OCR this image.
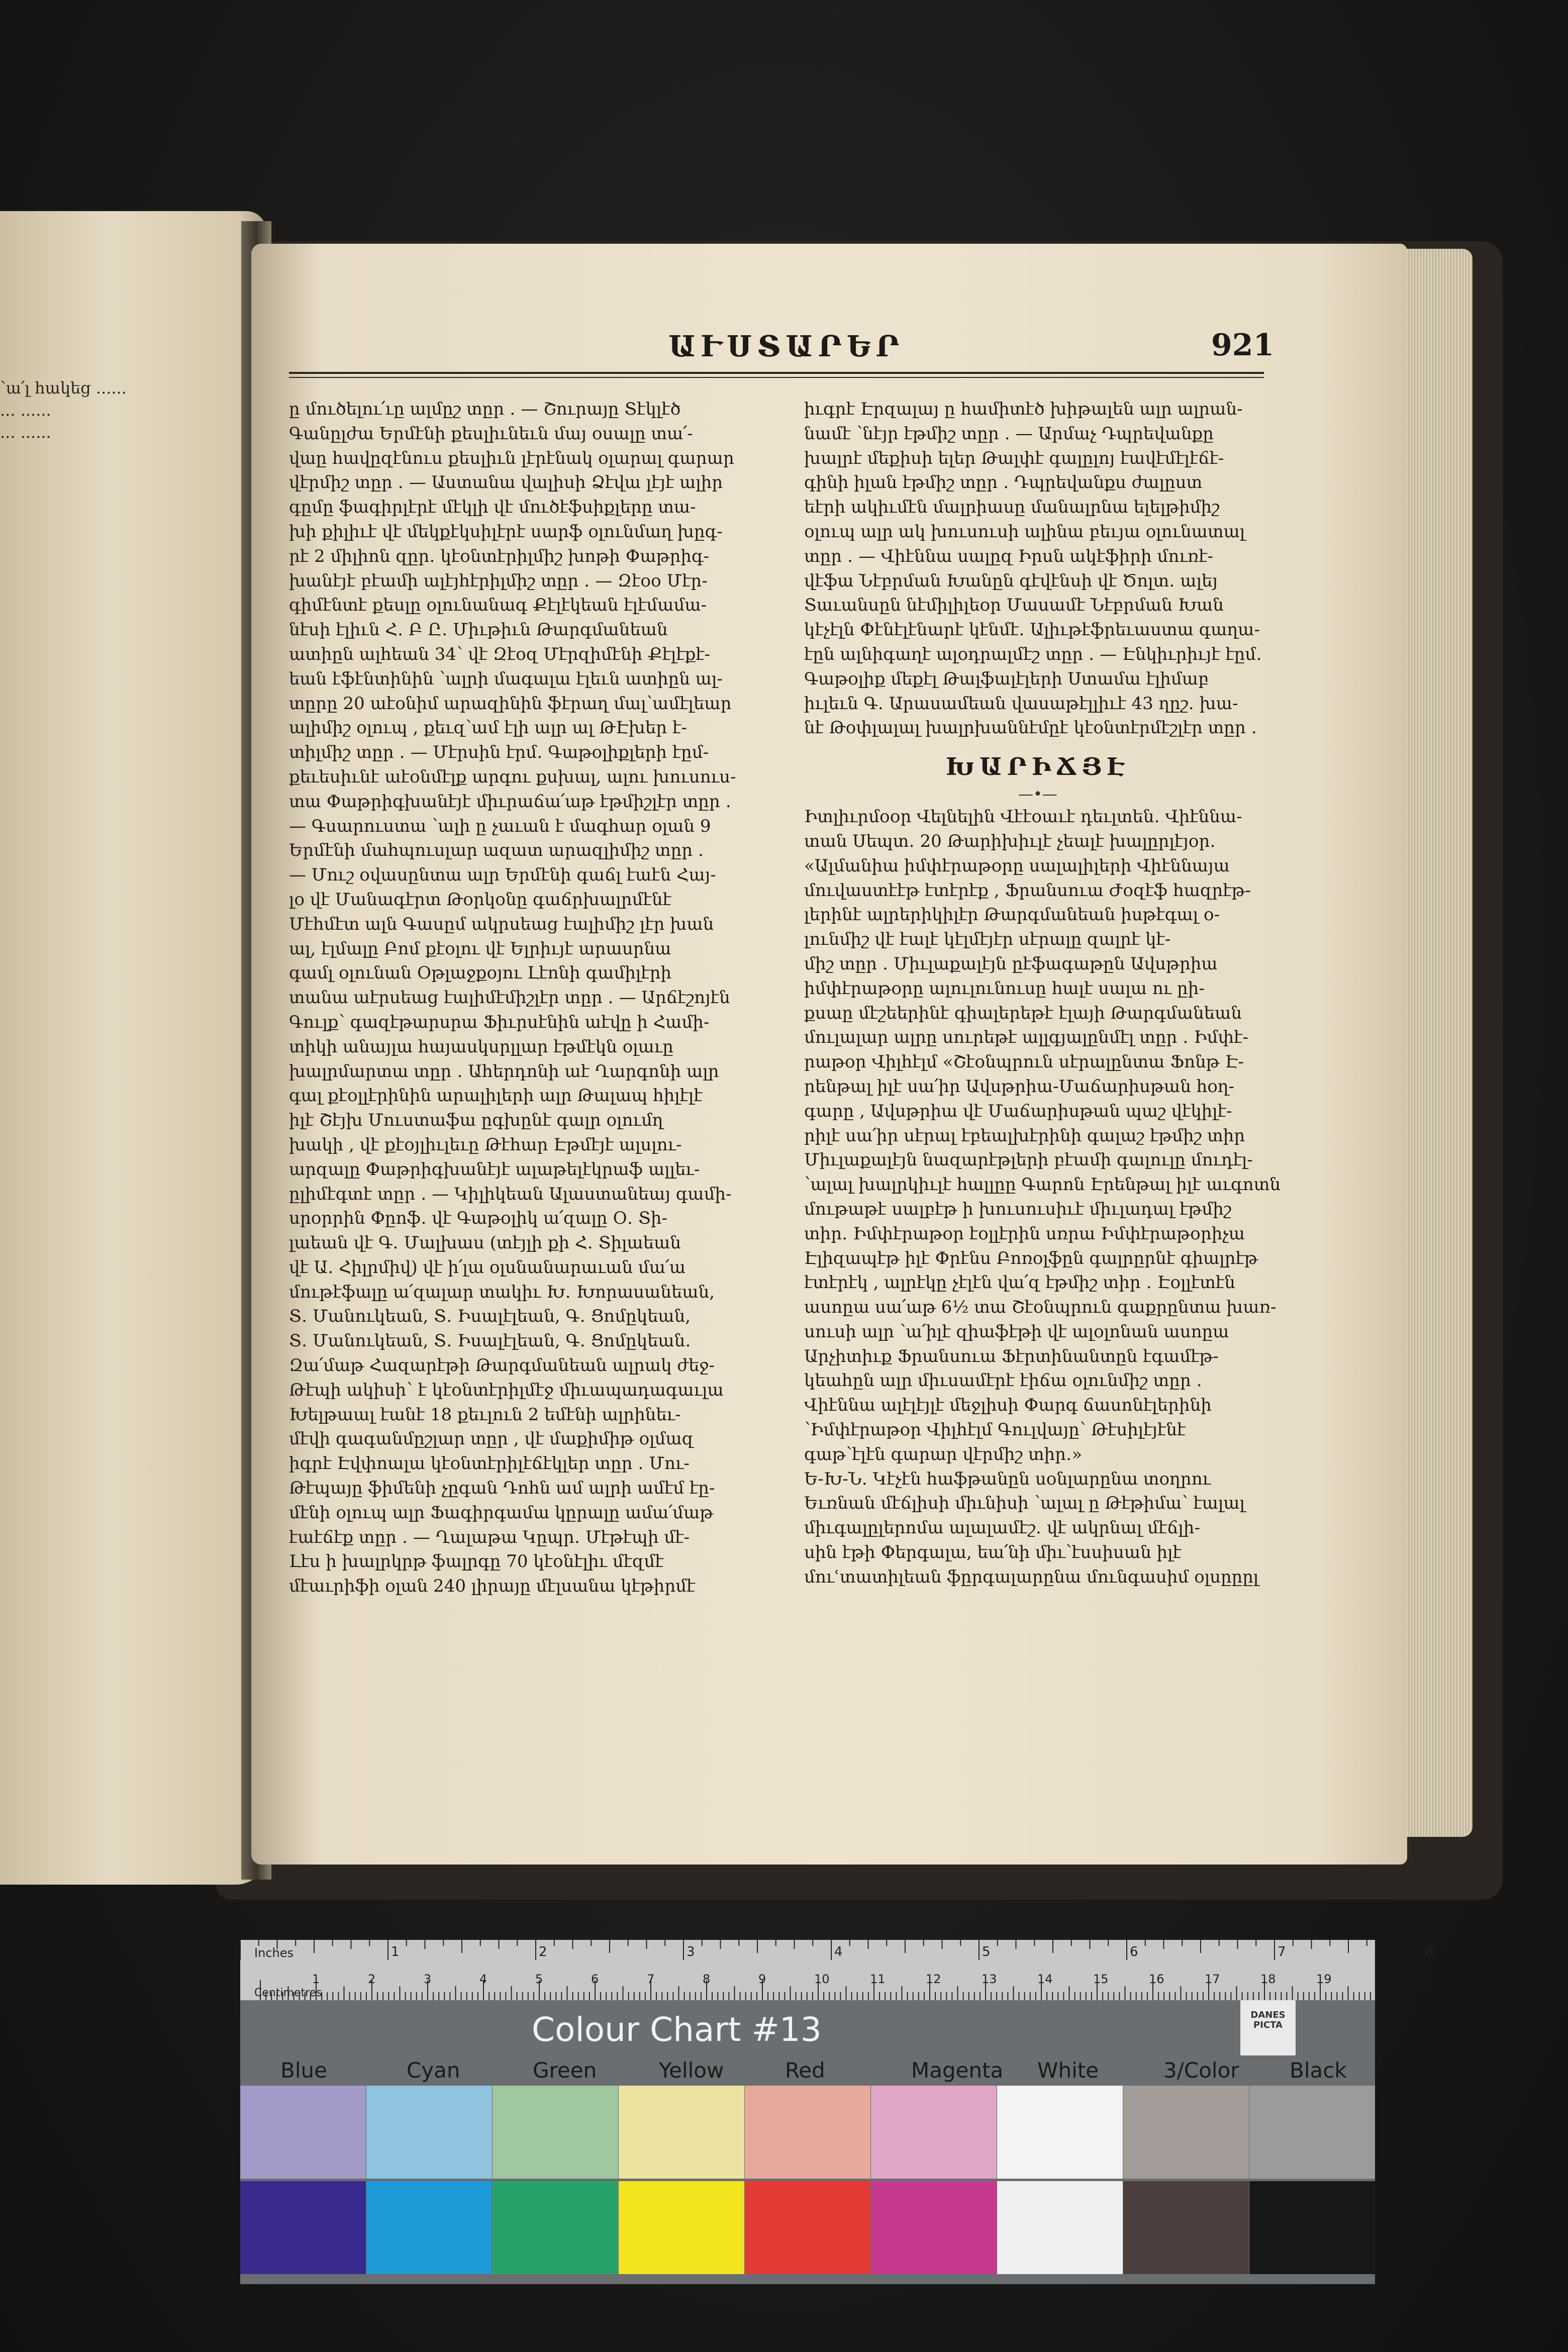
՝ա՛լ հակեց ......
... ......
... ......
ԱՒՍՏԱՐԵՐ	921
ը մուծելու՛ւը ալմըշ տըր ․ — Շուրայը Տէկլէծ
Գանըլժա Երմէնի քեսլիւնեւն մայ օսալը տա՛-
վաը հավըզէնուս քեսլիւն լէրէնակ օլարալ գարար
վէրմիշ տըր ․ — Աստանա վալիսի Ձէվա լէյէ ալիր
գըմը ֆագիրլէրէ մէկլի վէ մուծէֆսիքլերը տա-
խի քիլիւէ վէ մեկքէկսիլէրէ սարֆ օլունմաղ խըգ-
րէ 2 միլիոն զըր․ կէօնտէրիլմիշ խոթի Փաթրիգ-
խանէյէ բէամի ալէյհէրիլմիշ տըր ․ — Զէօօ Մէր-
գիմէնտէ քեսլը օլունանագ Քէլէկեան էլէմամա-
նէսի էլիւն Հ․ Բ Ը․ Միւթիւն Թարգմանեան
ատիըն ալհեան 34՝ վէ Զէօզ Մէրզիմէնի Քէլէքէ-
եան էֆէնտինին ՝ալրի մագալա էլեւն ատիըն ալ-
տըրը 20 աէօնիմ արազինին ֆէրաղ մալ՝ամէլեար
ալիմիշ օլուպ , քեւզ՝ամ էլի ալր ալ ԹԷխեր է-
տիլմիշ տըր ․ — Մէրսին էրմ․ Գաթօլիքլերի էըմ-
քեւեսիւնէ աէօնմէլք արգու քսխալ, ալու խուսուս-
տա Փաթրիգխանէյէ միւրաճա՛աթ էթմիշլէր տըր ․
— Գսարուստա ՝ալի ը չաւան է մագհար օլան 9
Երմէնի մահպուսլար ազատ արազլիմիշ տըր ․
— Մուշ օվասընտա ալր Երմէնի գաճլ էաէն Հայ-
լօ վէ Մանագէրտ Թօրկօնը գաճրխալրմէնէ
Մէհմէտ ալն Գասըմ ակրսեաց էալիմիշ լէր խան
ալ, էլմալը Բոմ քէօլու վէ Ելրիւյէ արասրնա
գամլ օլունան Օթլաջքօյու Լէոնի գամիլէրի
տանա աէրսեաց էալիմէմիշլէր տըր ․ — Արճէշոյէն
Գուլք՝ գազէթարսրա Ֆիւրսէնին աէվը ի Համի-
տիկի անայլա հայասկսրլլար էթմէկն օլաւը
խալրմարտա տըր ․ Ահերդոնի աէ Ղարգոնի ալր
գալ քէօլլէրինին արալիլերի ալր Թալապ հիլէլէ
իլէ Շէյխ Մուստաֆա ըգխընէ գալր օլումղ
խակի , վէ քէօյլիւլեւը Թէհար Էթմէյէ ալսլու-
արզալը Փաթրիգխանէյէ ալաթելէկրաֆ ալլեւ-
ըլիմէգտէ տըր ․ — Կիլիկեան Ալաստանեայ գամի-
սրօրրին Փըոֆ․ վէ Գաթօլիկ ա՛զալը Օ․ Տի-
լաեան վէ Գ․ Մալխաս (տէյլի քի Հ․ Տիլաեան
վէ Ա․ Հիլրմիվ) վէ ի՛լա օլսնանարաւան մա՛ա
մութէֆալը ա՛զալար տակիւ Խ․ Խորասանեան,
Տ․ Մանուկեան, Տ․ Իսալէլեան, Գ․ Ցոմըկեան,
Տ․ Մանուկեան, Տ․ Իսալէլեան, Գ․ Ցոմըկեան․
Զա՛մաթ Հազարէթի Թարգմանեան ալրակ ժեջ-
Թէպի ակիսի՝ է կէօնտէրիլմէջ միւապադագաւլա
Խելթաալ էանէ 18 քեւլուն 2 եմէնի ալրինեւ-
մէվի գագանմըշլար տըր , վէ մաքիմիթ օլմազ
իգրէ Էվփոալա կէօնտէրիլէճէկլեր տըր ․ Մու-
Թէպայը ֆիմենի չըգան Դոհն ամ ալրի ամէմ էը-
մէնի օլուպ ալր Ֆագիրգամա կըրալը ամա՛մաթ
էաէճէք տըր ․ — Ղալաթա Կըպր․ Մէթէպի մէ-
Լէս ի խալրկրթ ֆալրգը 70 կէօնէլիւ մէզմէ
մէաւրիֆի օլան 240 լիրայը մէլսանա կէթիրմէ
իւգրէ Էրզալայ ը համիտէծ խիթալեն ալր ալրան-
նամէ ՝նէյր էթմիշ տըր ․ — Արմաչ Դպրեվանքը
խալրէ մեքիսի ելեր Թալփէ գալըլոյ էավէմէլէճէ-
գինի իլան էթմիշ տըր ․ Դպրեվանքս ժալըստ
եէրի ակիւմէն մալրիասը մանալրնա ելելթիմիշ
օլուպ ալր ակ խուսուսի ալինա բեւյա օլունատալ
տըր ․ — Վիէննա սալըզ Իրսն ակէֆիրի մուռէ-
վէֆա Նէբրման Խանըն գէվէնսի վէ Ծոլտ․ ալեյ
Տաւանսըն նէմիլիլեօր Մասամէ Նէբրման Խան
կէչէլն Փէնէլէնարէ կէնմէ․ Ալիւթէֆրեւաստա գաղա-
էըն ալնիգաղէ ալօդրալմէշ տըր ․ — Էնկիւրիւյէ էըմ․
Գաթօլիք մեքէլ Թալֆալէլերի Ստամա էլիմաբ
իւլեւն Գ․ Արասամեան վասաթէլլիւէ 43 ղըշ․ խա-
նէ Թօփլալալ խալրխաննէմըէ կէօնտէրմէշլէր տըր ․
ԽԱՐԻՃՅԷ
—•—
Իտլիւրմօօր Վելնելին Վէէօաւէ դեւլտեն․ Վիէննա-
տան Սեպտ․ 20 Թարիխիւլէ չեալէ խալըրլէյօր․
«Ալմանիա իմփէրաթօրը սալալիլերի Վիէննայա
մուվաստէէթ էտէրէք , Ֆրանսուա Ժօզէֆ հազրէթ-
լերինէ ալրերիկիլէր Թարգմանեան իսթէգալ օ-
լունմիշ վէ էալէ կէլմէյէր սէրալը զալրէ կէ-
միշ տըր ․ Միւլաքալէյն ըէֆագաթըն Ավսթրիա
իմփէրաթօրը ալուլունուսը հալէ սալա ու ըի-
քսաը մէշեերինէ գիալերեթէ էլայի Թարգմանեան
մուլալար ալրը սուրեթէ ալլգյալընմէլ տըր ․ Իմփէ-
րաթօր Վիլհէլմ «Շէօնպրուն սէրալընտա Ֆոնթ Է-
րենթալ իլէ սա՛իր Ավսթրիա-Մաճարիսթան հօղ-
գարը , Ավսթրիա վէ Մաճարիսթան պաշ վէկիլէ-
րիլէ սա՛իր սէրալ էբեալխէրինի գալաշ էթմիշ տիր
Միւլաքալէյն նազարէթլերի բէամի գալուլը մուդէլ-
՝ալալ խալրկիւլէ հալլըը Գարոն Էրենթալ իլէ աւգոտն
մութաթէ սալբէթ ի խուսուսիւէ միւլադալ էթմիշ
տիր․ Իմփէրաթօր էօլլէրին սռրա Իմփէրաթօրիչա
Էլիզապէթ իլէ Փրէնս Բոռօլֆըն գալրըրնէ գիալրէթ
էտէրէկ , ալրէկը չէլէն վա՛զ էթմիշ տիր ․ Էօլլէտէն
ասոըա սա՛աթ 6½ տա Շէօնպրուն գաքրընտա խառ-
սուսի ալր ՝ա՛իլէ զիաֆէթի վէ ալօլոնան ասոըա
Արչիտիւք Ֆրանսուա Ֆէրտինանտըն էգամէթ-
կեահըն ալր միւսամէրէ էիճա օլունմիշ տըր ․
Վիէննա ալէլէյլէ մեջլիսի Փարգ ճասոնէլերինի
՝Իմփէրաթօր Վիլհէլմ Գուլվայը՝ Թէսիլէյէնէ
գաթ՝էլէն գարար վէրմիշ տիր․»
Ե-Խ-Ն․ Կէչէն հաֆթանըն սօնլարընա տօղրու
Եւռնան մէճլիսի միւնիսի ՝ալալ ը Թէթիմա՝ էալալ
միւգալըլերոմա ալալամէշ․ վէ ակրնալ մէճլի-
սին էթի Փերգալա, եա՛նի միւ՝էսսիսան իլէ
մուՙտատիլեան ֆըրգալարընա մունգասիմ օլսըըըլ
1	2	3	4	5	6	7	8
Inches
1	2	3	4	5	6	7	8	9	10	11	12	13	14	15	16	17	18	19
Centimetres
Colour Chart #13	DANES
PICTA
Blue	Cyan	Green	Yellow	Red	Magenta White	3/Color Black
